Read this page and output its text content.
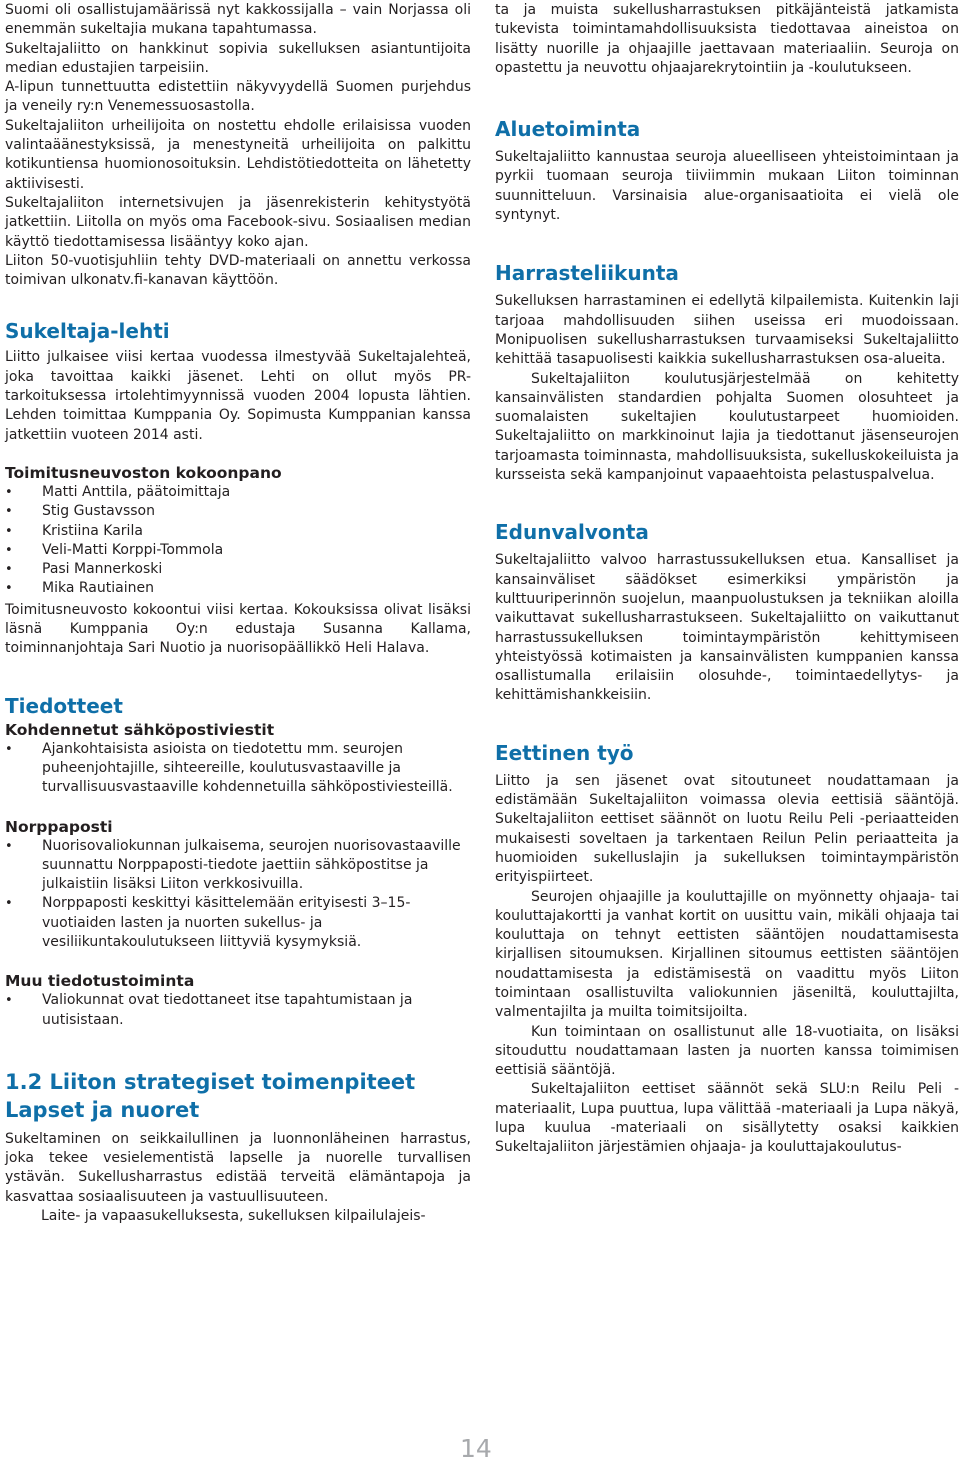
Suomi oli osallistujamäärissä nyt kakkossijalla – vain Norjassa oli enemmän sukeltajia mukana tapahtumassa.

Sukeltajaliitto on hankkinut sopivia sukelluksen asiantuntijoita median edustajien tarpeisiin.

A-lipun tunnettuutta edistettiin näkyvyydellä Suomen purjehdus ja veneily ry:n Venemessuosastolla.

Sukeltajaliiton urheilijoita on nostettu ehdolle erilaisissa vuoden valintaäänestyksissä, ja menestyneitä urheilijoita on palkittu kotikuntiensa huomionosoituksin. Lehdistötiedotteita on lähetetty aktiivisesti.

Sukeltajaliiton internetsivujen ja jäsenrekisterin kehitystyötä jatkettiin. Liitolla on myös oma Facebook-sivu. Sosiaalisen median käyttö tiedottamisessa lisääntyy koko ajan.

Liiton 50-vuotisjuhliin tehty DVD-materiaali on annettu verkossa toimivan ulkonatv.fi-kanavan käyttöön.

Sukeltaja-lehti

Liitto julkaisee viisi kertaa vuodessa ilmestyvää Sukeltajalehteä, joka tavoittaa kaikki jäsenet. Lehti on ollut myös PR-tarkoituksessa irtolehtimyynnissä vuoden 2004 lopusta lähtien. Lehden toimittaa Kumppania Oy. Sopimusta Kumppanian kanssa jatkettiin vuoteen 2014 asti.

Toimitusneuvoston kokoonpano
• Matti Anttila, päätoimittaja
• Stig Gustavsson
• Kristiina Karila
• Veli-Matti Korppi-Tommola
• Pasi Mannerkoski
• Mika Rautiainen

Toimitusneuvosto kokoontui viisi kertaa. Kokouksissa olivat lisäksi läsnä Kumppania Oy:n edustaja Susanna Kallama, toiminnanjohtaja Sari Nuotio ja nuorisopäällikkö Heli Halava.

Tiedotteet
Kohdennetut sähköpostiviestit
• Ajankohtaisista asioista on tiedotettu mm. seurojen puheenjohtajille, sihteereille, koulutusvastaaville ja turvallisuusvastaaville kohdennetuilla sähköpostiviesteillä.
Norppaposti
• Nuorisovaliokunnan julkaisema, seurojen nuorisovastaaville suunnattu Norppaposti-tiedote jaettiin sähköpostitse ja julkaistiin lisäksi Liiton verkkosivuilla.
• Norppaposti keskittyi käsittelemään erityisesti 3–15-vuotiaiden lasten ja nuorten sukellus- ja vesiliikuntakoulutukseen liittyviä kysymyksiä.
Muu tiedotustoiminta
• Valiokunnat ovat tiedottaneet itse tapahtumistaan ja uutisistaan.
1.2 Liiton strategiset toimenpiteet
Lapset ja nuoret

Sukeltaminen on seikkailullinen ja luonnonläheinen harrastus, joka tekee vesielementistä lapselle ja nuorelle turvallisen ystävän. Sukellusharrastus edistää terveitä elämäntapoja ja kasvattaa sosiaalisuuteen ja vastuullisuuteen.

Laite- ja vapaasukelluksesta, sukelluksen kilpailulajeis-

ta ja muista sukellusharrastuksen pitkäjänteistä jatkamista tukevista toimintamahdollisuuksista tiedottavaa aineistoa on lisätty nuorille ja ohjaajille jaettavaan materiaaliin. Seuroja on opastettu ja neuvottu ohjaajarekrytointiin ja -koulutukseen.

Aluetoiminta

Sukeltajaliitto kannustaa seuroja alueelliseen yhteistoimintaan ja pyrkii tuomaan seuroja tiiviimmin mukaan Liiton toiminnan suunnitteluun. Varsinaisia alue-organisaatioita ei vielä ole syntynyt.

Harrasteliikunta

Sukelluksen harrastaminen ei edellytä kilpailemista. Kuitenkin laji tarjoaa mahdollisuuden siihen useissa eri muodoissaan. Monipuolisen sukellusharrastuksen turvaamiseksi Sukeltajaliitto kehittää tasapuolisesti kaikkia sukellusharrastuksen osa-alueita.

Sukeltajaliiton koulutusjärjestelmää on kehitetty kansainvälisten standardien pohjalta Suomen olosuhteet ja suomalaisten sukeltajien koulutustarpeet huomioiden. Sukeltajaliitto on markkinoinut lajia ja tiedottanut jäsenseurojen tarjoamasta toiminnasta, mahdollisuuksista, sukelluskokeiluista ja kursseista sekä kampanjoinut vapaaehtoista pelastuspalvelua.

Edunvalvonta

Sukeltajaliitto valvoo harrastussukelluksen etua. Kansalliset ja kansainväliset säädökset esimerkiksi ympäristön ja kulttuuriperinnön suojelun, maanpuolustuksen ja tekniikan aloilla vaikuttavat sukellusharrastukseen. Sukeltajaliitto on vaikuttanut harrastussukelluksen toimintaympäristön kehittymiseen yhteistyössä kotimaisten ja kansainvälisten kumppanien kanssa osallistumalla erilaisiin olosuhde-, toimintaedellytys- ja kehittämishankkeisiin.

Eettinen työ

Liitto ja sen jäsenet ovat sitoutuneet noudattamaan ja edistämään Sukeltajaliiton voimassa olevia eettisiä sääntöjä. Sukeltajaliiton eettiset säännöt on luotu Reilu Peli -periaatteiden mukaisesti soveltaen ja tarkentaen Reilun Pelin periaatteita ja huomioiden sukelluslajin ja sukelluksen toimintaympäristön erityispiirteet.

Seurojen ohjaajille ja kouluttajille on myönnetty ohjaaja- tai kouluttajakortti ja vanhat kortit on uusittu vain, mikäli ohjaaja tai kouluttaja on tehnyt eettisten sääntöjen noudattamisesta kirjallisen sitoumuksen. Kirjallinen sitoumus eettisten sääntöjen noudattamisesta ja edistämisestä on vaadittu myös Liiton toimintaan osallistuvilta valiokunnien jäseniltä, kouluttajilta, valmentajilta ja muilta toimitsijoilta.

Kun toimintaan on osallistunut alle 18-vuotiaita, on lisäksi sitouduttu noudattamaan lasten ja nuorten kanssa toimimisen eettisiä sääntöjä.

Sukeltajaliiton eettiset säännöt sekä SLU:n Reilu Peli -materiaalit, Lupa puuttua, lupa välittää -materiaali ja Lupa näkyä, lupa kuulua -materiaali on sisällytetty osaksi kaikkien Sukeltajaliiton järjestämien ohjaaja- ja kouluttajakoulutus-

14
